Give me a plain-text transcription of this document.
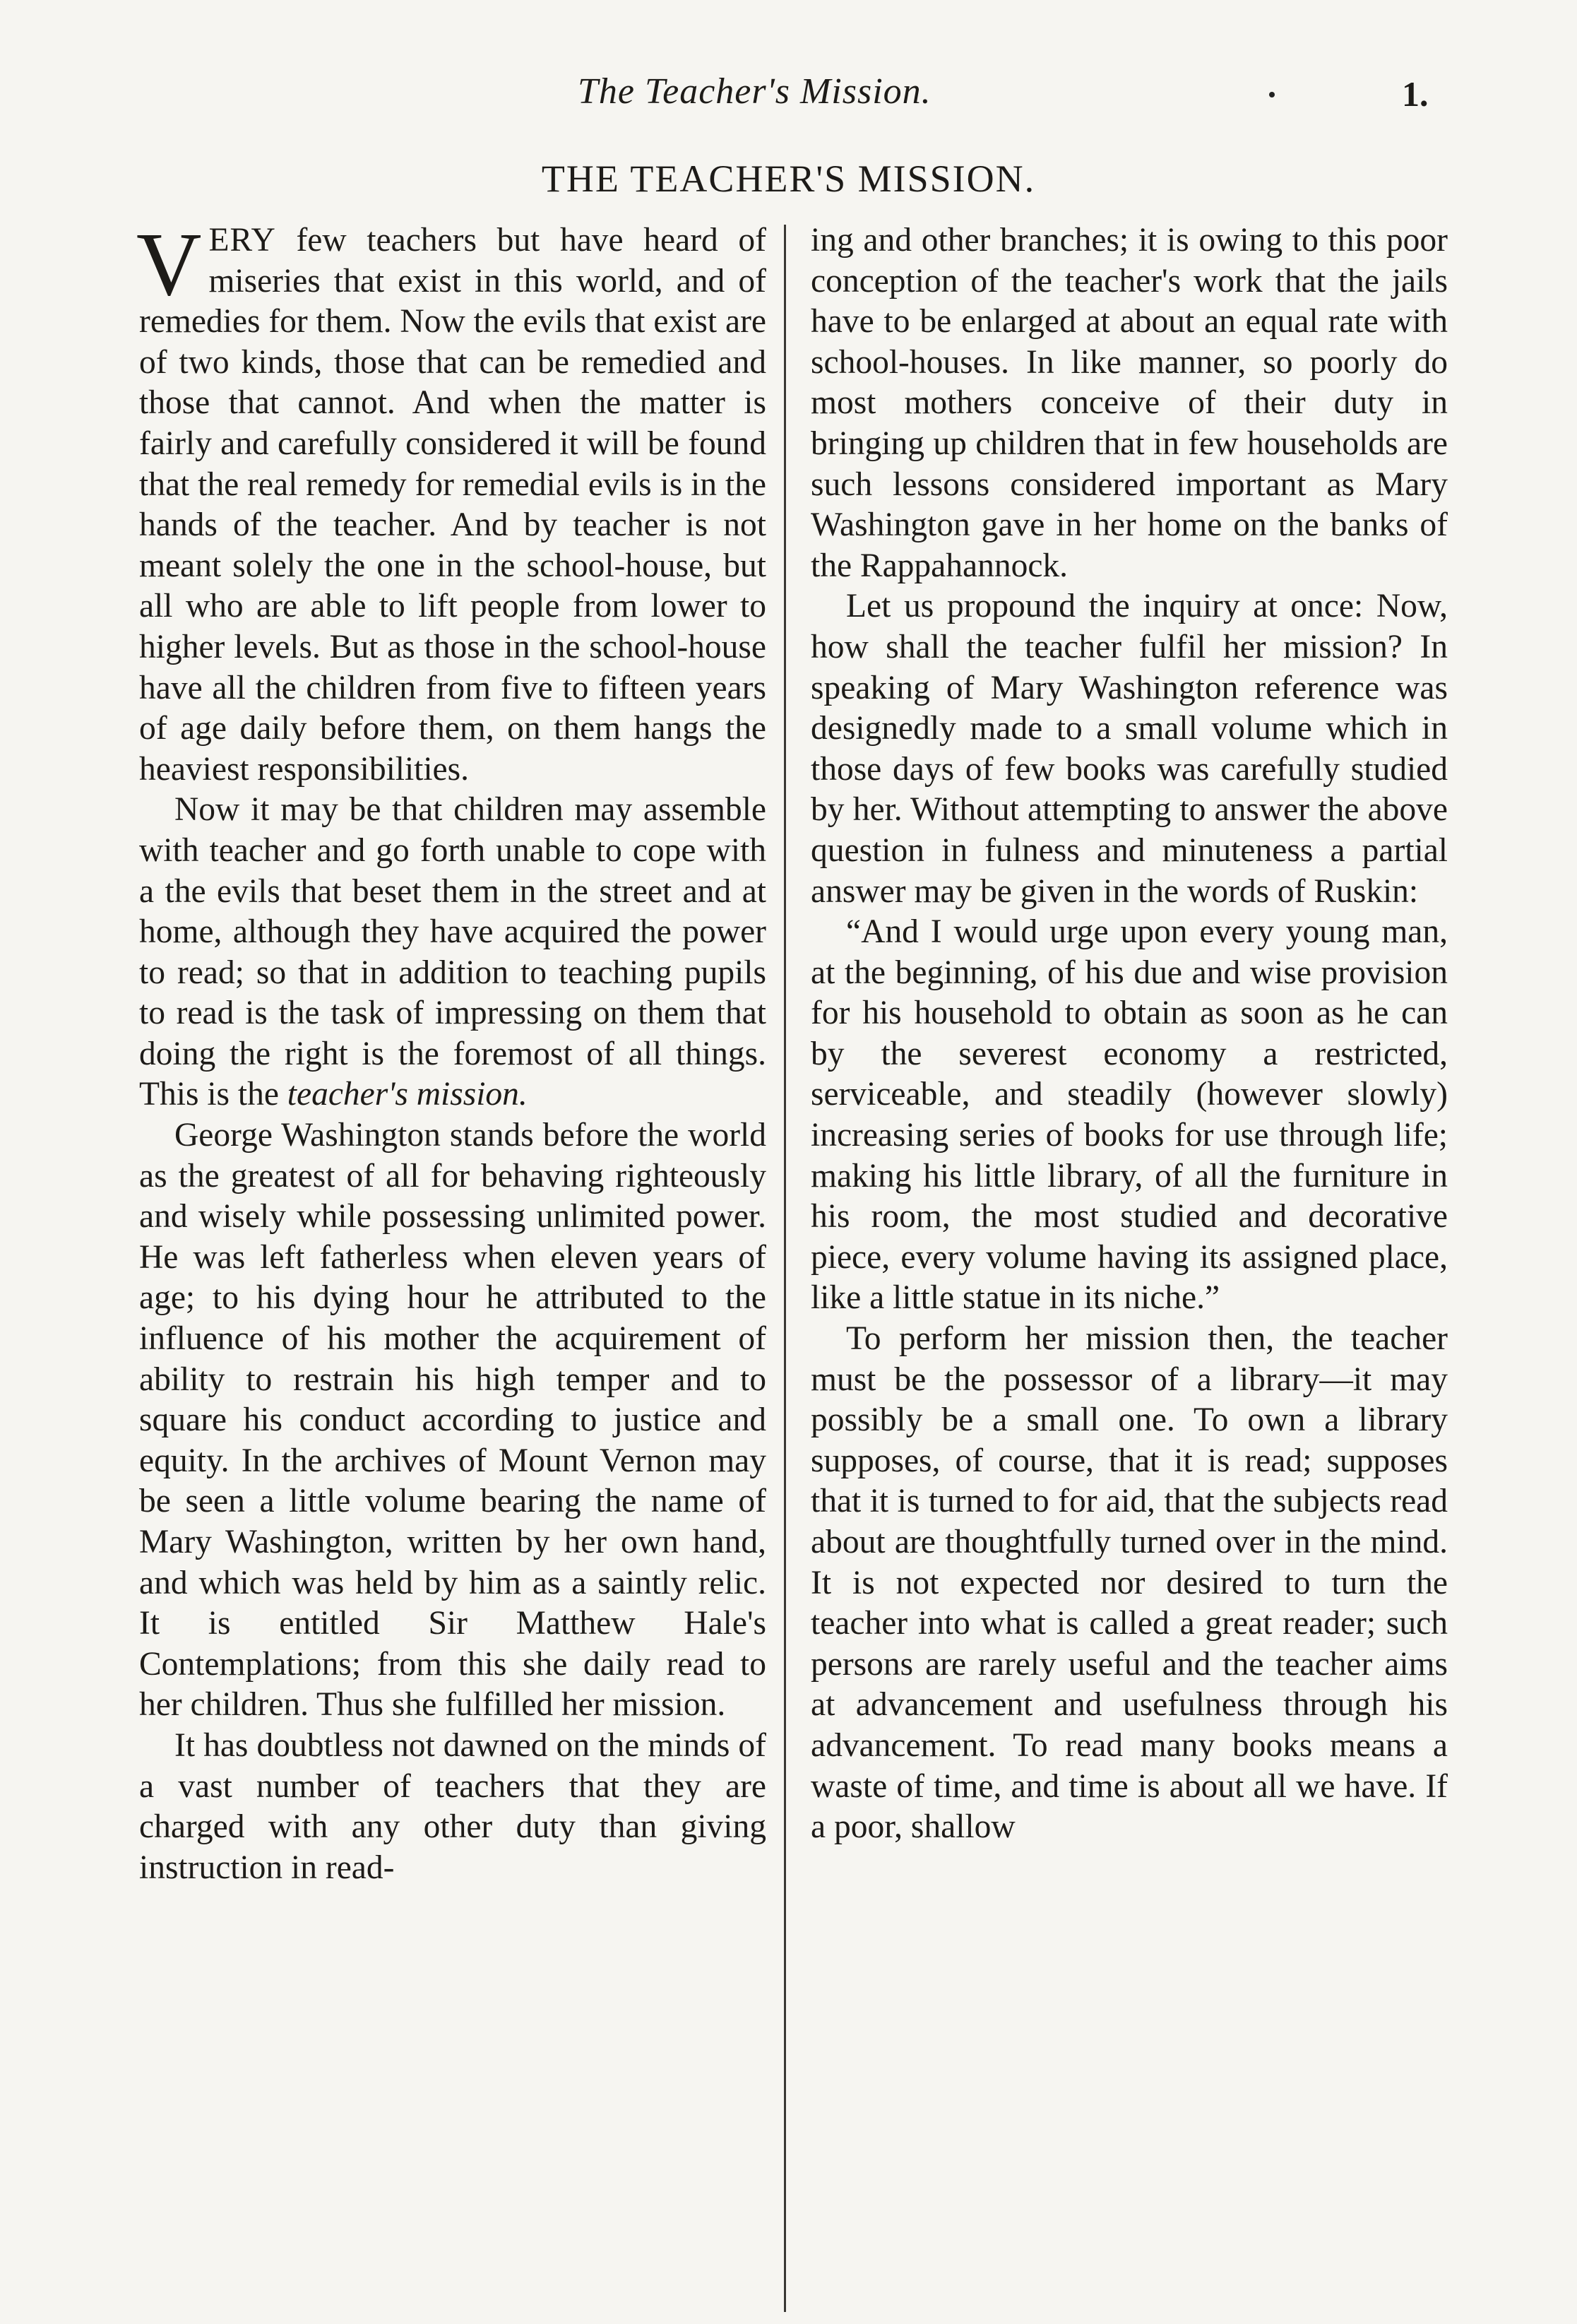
The Teacher's Mission.	1.
THE TEACHER'S MISSION.

VERY few teachers but have heard of miseries that exist in this world, and of remedies for them. Now the evils that exist are of two kinds, those that can be remedied and those that cannot. And when the matter is fairly and carefully considered it will be found that the real remedy for remedial evils is in the hands of the teacher. And by teacher is not meant solely the one in the school-house, but all who are able to lift people from lower to higher levels. But as those in the school-house have all the children from five to fifteen years of age daily before them, on them hangs the heaviest responsibilities.

Now it may be that children may assemble with teacher and go forth unable to cope with a the evils that beset them in the street and at home, although they have acquired the power to read; so that in addition to teaching pupils to read is the task of impressing on them that doing the right is the foremost of all things. This is the teacher's mission.

George Washington stands before the world as the greatest of all for behaving righteously and wisely while possessing unlimited power. He was left fatherless when eleven years of age; to his dying hour he attributed to the influence of his mother the acquirement of ability to restrain his high temper and to square his conduct according to justice and equity. In the archives of Mount Vernon may be seen a little volume bearing the name of Mary Washington, written by her own hand, and which was held by him as a saintly relic. It is entitled Sir Matthew Hale's Contemplations; from this she daily read to her children. Thus she fulfilled her mission.

It has doubtless not dawned on the minds of a vast number of teachers that they are charged with any other duty than giving instruction in read-

ing and other branches; it is owing to this poor conception of the teacher's work that the jails have to be enlarged at about an equal rate with school-houses. In like manner, so poorly do most mothers conceive of their duty in bringing up children that in few households are such lessons considered important as Mary Washington gave in her home on the banks of the Rappahannock.

Let us propound the inquiry at once: Now, how shall the teacher fulfil her mission? In speaking of Mary Washington reference was designedly made to a small volume which in those days of few books was carefully studied by her. Without attempting to answer the above question in fulness and minuteness a partial answer may be given in the words of Ruskin:

“And I would urge upon every young man, at the beginning, of his due and wise provision for his household to obtain as soon as he can by the severest economy a restricted, serviceable, and steadily (however slowly) increasing series of books for use through life; making his little library, of all the furniture in his room, the most studied and decorative piece, every volume having its assigned place, like a little statue in its niche.”

To perform her mission then, the teacher must be the possessor of a library—it may possibly be a small one. To own a library supposes, of course, that it is read; supposes that it is turned to for aid, that the subjects read about are thoughtfully turned over in the mind. It is not expected nor desired to turn the teacher into what is called a great reader; such persons are rarely useful and the teacher aims at advancement and usefulness through his advancement. To read many books means a waste of time, and time is about all we have. If a poor, shallow
